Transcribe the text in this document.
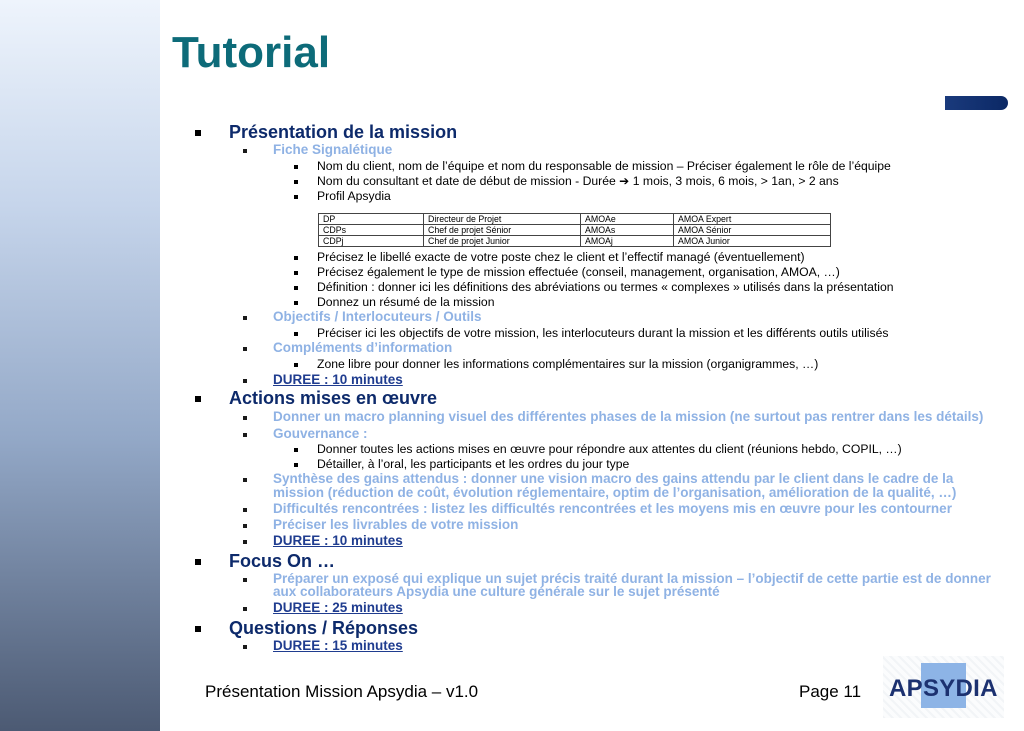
Tutorial
Présentation de la mission
Fiche Signalétique
Nom du client, nom de l’équipe et nom du responsable de mission – Préciser également le rôle de l’équipe
Nom du consultant et date de début de mission - Durée ➔ 1 mois, 3 mois, 6 mois, > 1an, > 2 ans
Profil Apsydia
DP	Directeur de Projet	AMOAe	AMOA Expert
CDPs	Chef de projet Sénior	AMOAs	AMOA Sénior
CDPj	Chef de projet Junior	AMOAj	AMOA Junior
Précisez le libellé exacte de votre poste chez le client et l’effectif managé (éventuellement)
Précisez également le type de mission effectuée (conseil, management, organisation, AMOA, …)
Définition : donner ici les définitions des abréviations ou termes « complexes » utilisés dans la présentation
Donnez un résumé de la mission
Objectifs / Interlocuteurs / Outils
Préciser ici les objectifs de votre mission, les interlocuteurs durant la mission et les différents outils utilisés
Compléments d’information
Zone libre pour donner les informations complémentaires sur la mission (organigrammes, …)
DUREE : 10 minutes
Actions mises en œuvre
Donner un macro planning visuel des différentes phases de la mission (ne surtout pas rentrer dans les détails)
Gouvernance :
Donner toutes les actions mises en œuvre pour répondre aux attentes du client (réunions hebdo, COPIL, …)
Détailler, à l’oral, les participants et les ordres du jour type
Synthèse des gains attendus : donner une vision macro des gains attendu par le client dans le cadre de la
mission (réduction de coût, évolution réglementaire, optim de l’organisation, amélioration de la qualité, …)
Difficultés rencontrées : listez les difficultés rencontrées et les moyens mis en œuvre pour les contourner
Préciser les livrables de votre mission
DUREE : 10 minutes
Focus On …
Préparer un exposé qui explique un sujet précis traité durant la mission – l’objectif de cette partie est de donner
aux collaborateurs Apsydia une culture générale sur le sujet présenté
DUREE : 25 minutes
Questions / Réponses
DUREE : 15 minutes
Présentation Mission Apsydia – v1.0	Page 11 APSYDIA
